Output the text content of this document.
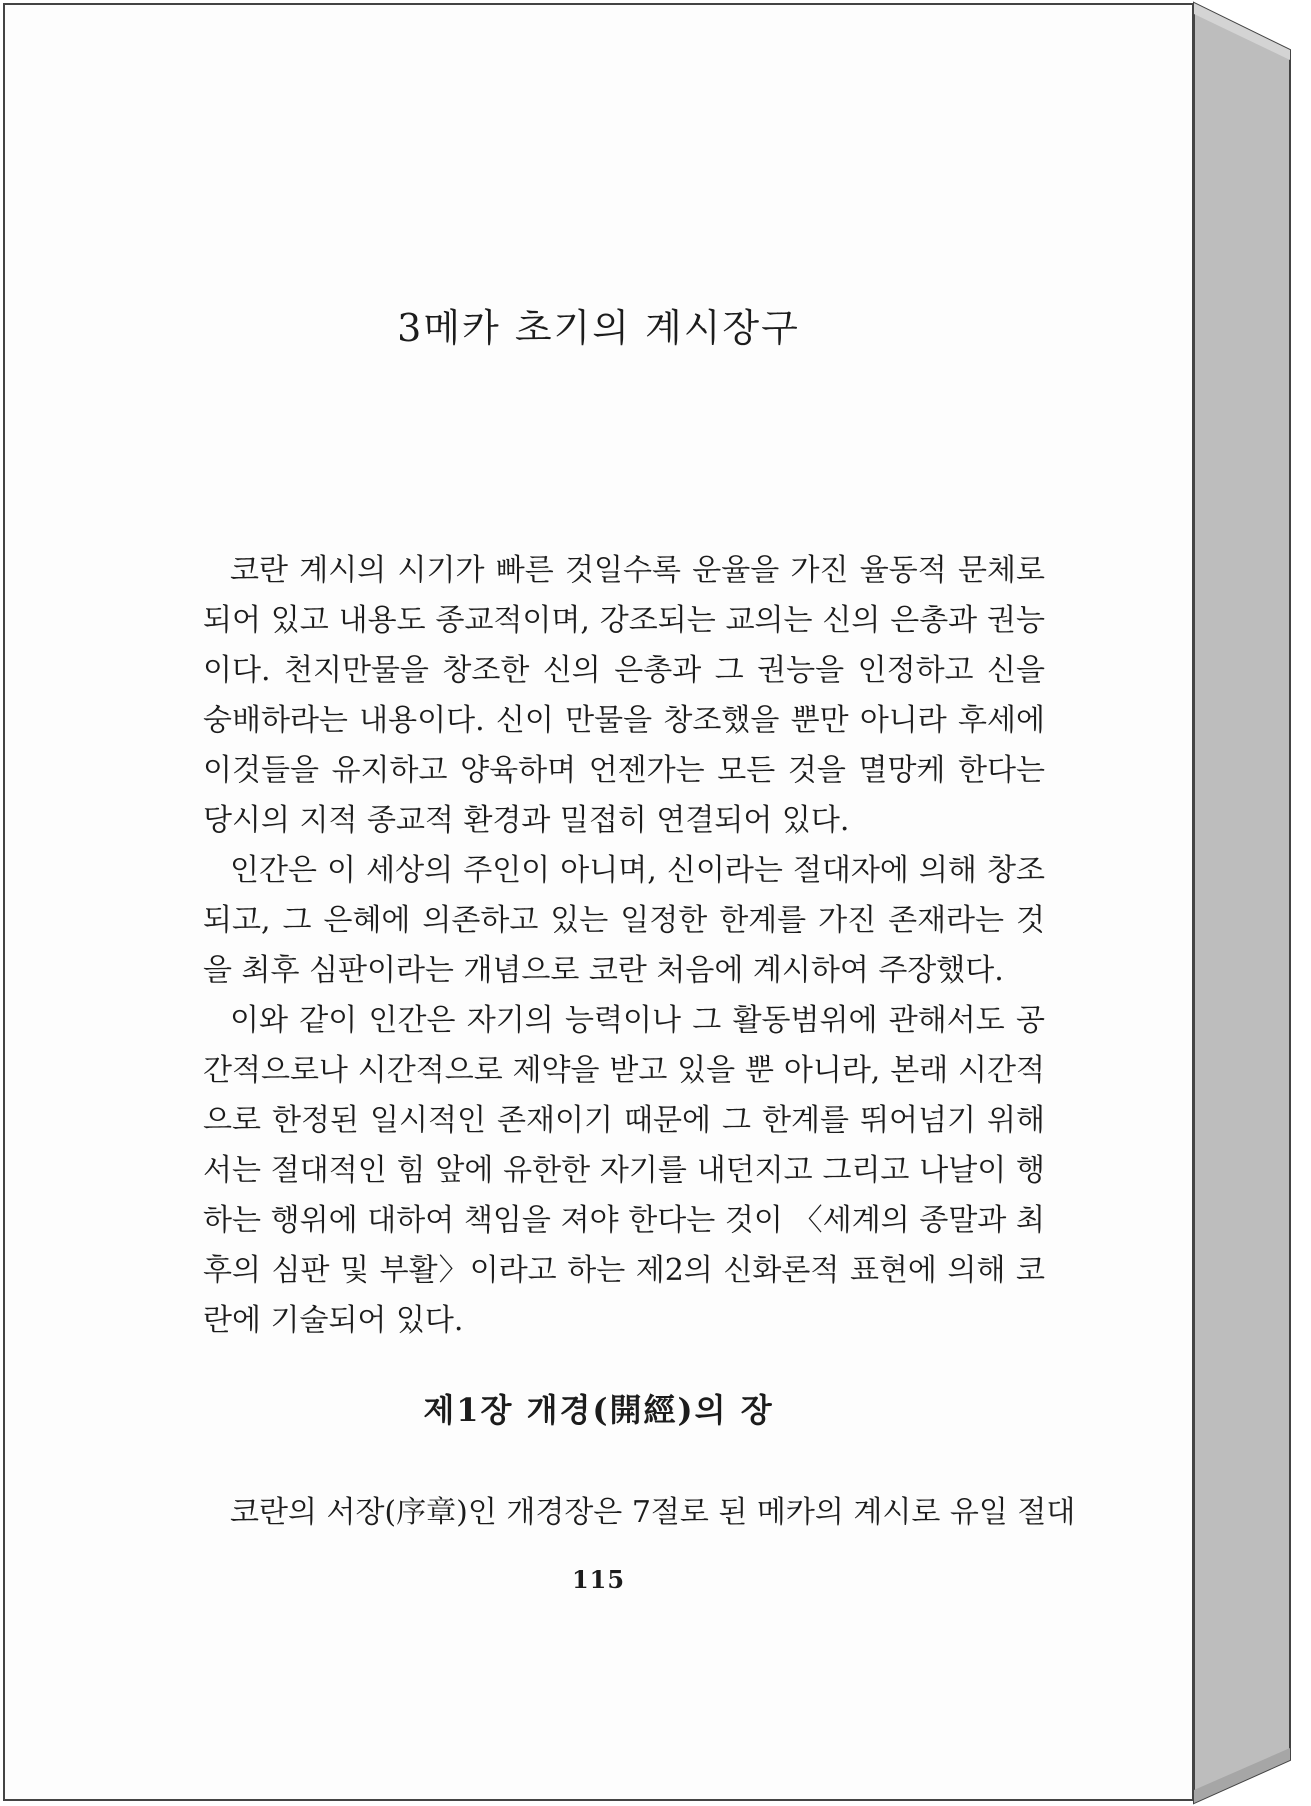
3메카 초기의 계시장구

코란 계시의 시기가 빠른 것일수록 운율을 가진 율동적 문체로 되어 있고 내용도 종교적이며, 강조되는 교의는 신의 은총과 권능이다. 천지만물을 창조한 신의 은총과 그 권능을 인정하고 신을 숭배하라는 내용이다. 신이 만물을 창조했을 뿐만 아니라 후세에 이것들을 유지하고 양육하며 언젠가는 모든 것을 멸망케 한다는 당시의 지적 종교적 환경과 밀접히 연결되어 있다.

인간은 이 세상의 주인이 아니며, 신이라는 절대자에 의해 창조되고, 그 은혜에 의존하고 있는 일정한 한계를 가진 존재라는 것을 최후 심판이라는 개념으로 코란 처음에 계시하여 주장했다.

이와 같이 인간은 자기의 능력이나 그 활동범위에 관해서도 공간적으로나 시간적으로 제약을 받고 있을 뿐 아니라, 본래 시간적으로 한정된 일시적인 존재이기 때문에 그 한계를 뛰어넘기 위해서는 절대적인 힘 앞에 유한한 자기를 내던지고 그리고 나날이 행하는 행위에 대하여 책임을 져야 한다는 것이 〈세계의 종말과 최후의 심판 및 부활〉이라고 하는 제2의 신화론적 표현에 의해 코란에 기술되어 있다.

제1장 개경(開經)의 장

코란의 서장(序章)인 개경장은 7절로 된 메카의 계시로 유일 절대

115
